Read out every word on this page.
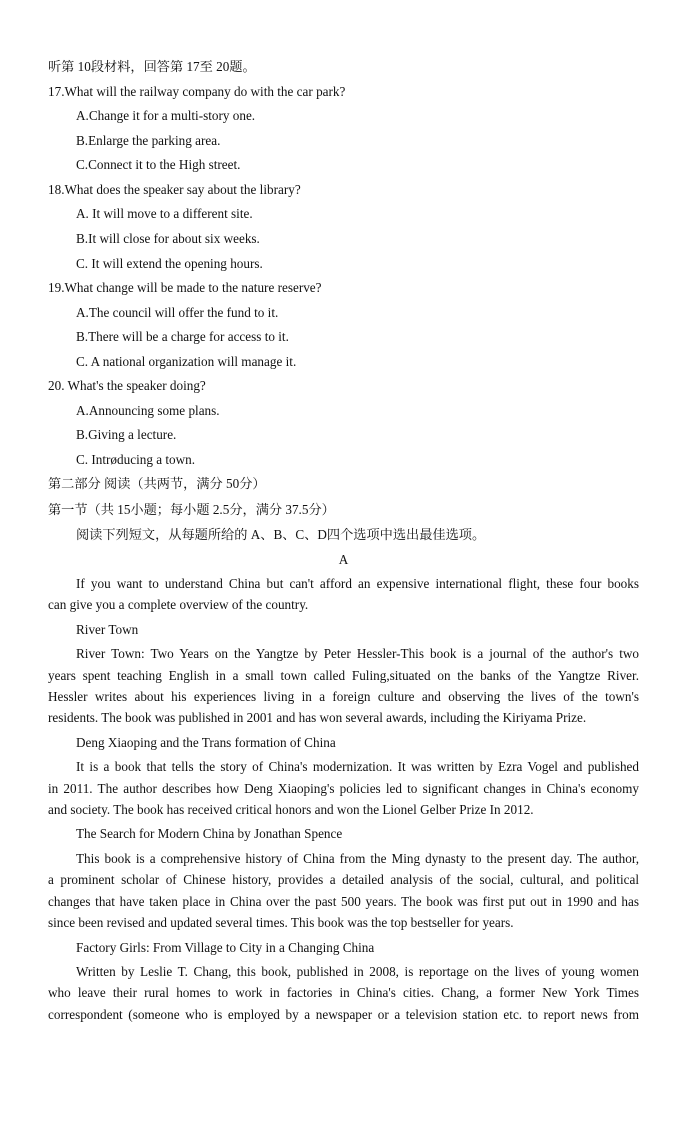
听第 10段材料，回答第 17至 20题。
17.What will the railway company do with the car park?
A.Change it for a multi-story one.
B.Enlarge the parking area.
C.Connect it to the High street.
18.What does the speaker say about the library?
A. It will move to a different site.
B.It will close for about six weeks.
C. It will extend the opening hours.
19.What change will be made to the nature reserve?
A.The council will offer the fund to it.
B.There will be a charge for access to it.
C. A national organization will manage it.
20. What's the speaker doing?
A.Announcing some plans.
B.Giving a lecture.
C. Intrøducing a town.
第二部分 阅读（共两节，满分 50分）
第一节（共 15小题；每小题 2.5分，满分 37.5分）
阅读下列短文，从每题所给的 A、B、C、D四个选项中选出最佳选项。
A
If you want to understand China but can't afford an expensive international flight, these four books
can give you a complete overview of the country.
River Town
River Town: Two Years on the Yangtze by Peter Hessler-This book is a journal of the author's two
years spent teaching English in a small town called Fuling,situated on the banks of the Yangtze River.
Hessler writes about his experiences living in a foreign culture and observing the lives of the town's
residents. The book was published in 2001 and has won several awards, including the Kiriyama Prize.
Deng Xiaoping and the Trans formation of China
It is a book that tells the story of China's modernization. It was written by Ezra Vogel and published
in 2011. The author describes how Deng Xiaoping's policies led to significant changes in China's economy
and society. The book has received critical honors and won the Lionel Gelber Prize In 2012.
The Search for Modern China by Jonathan Spence
This book is a comprehensive history of China from the Ming dynasty to the present day. The author,
a prominent scholar of Chinese history, provides a detailed analysis of the social, cultural, and political
changes that have taken place in China over the past 500 years. The book was first put out in 1990 and has
since been revised and updated several times. This book was the top bestseller for years.
Factory Girls: From Village to City in a Changing China
Written by Leslie T. Chang, this book, published in 2008, is reportage on the lives of young women
who leave their rural homes to work in factories in China's cities. Chang, a former New York Times
correspondent (someone who is employed by a newspaper or a television station etc. to report news from
